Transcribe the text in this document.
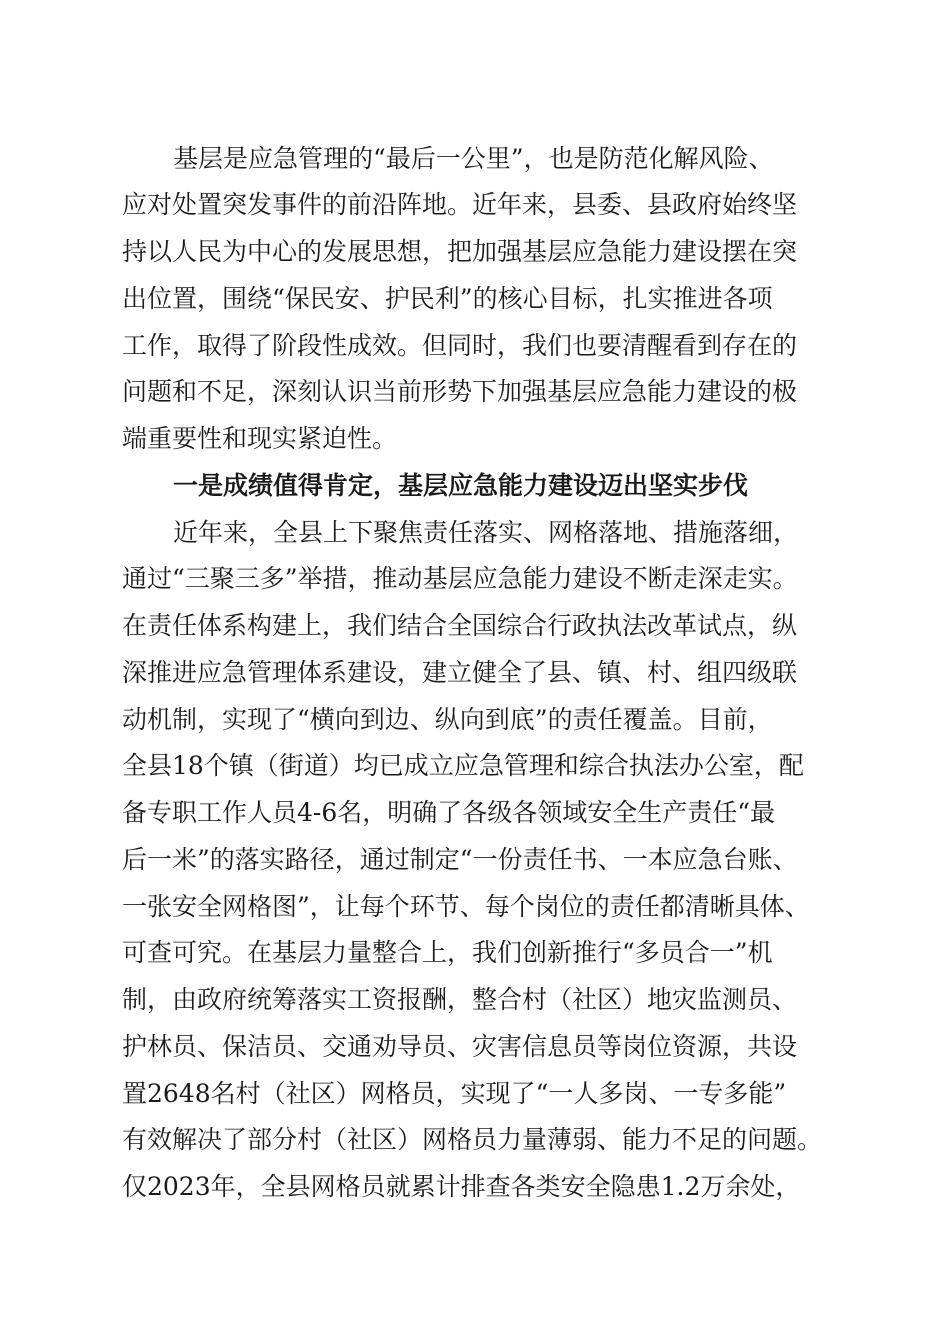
基层是应急管理的“最后一公里”，也是防范化解风险、
应对处置突发事件的前沿阵地。近年来，县委、县政府始终坚
持以人民为中心的发展思想，把加强基层应急能力建设摆在突
出位置，围绕“保民安、护民利”的核心目标，扎实推进各项
工作，取得了阶段性成效。但同时，我们也要清醒看到存在的
问题和不足，深刻认识当前形势下加强基层应急能力建设的极
端重要性和现实紧迫性。
一是成绩值得肯定，基层应急能力建设迈出坚实步伐
近年来，全县上下聚焦责任落实、网格落地、措施落细，
通过“三聚三多”举措，推动基层应急能力建设不断走深走实。
在责任体系构建上，我们结合全国综合行政执法改革试点，纵
深推进应急管理体系建设，建立健全了县、镇、村、组四级联
动机制，实现了“横向到边、纵向到底”的责任覆盖。目前，
全县18个镇（街道）均已成立应急管理和综合执法办公室，配
备专职工作人员4-6名，明确了各级各领域安全生产责任“最
后一米”的落实路径，通过制定“一份责任书、一本应急台账、
一张安全网格图”，让每个环节、每个岗位的责任都清晰具体、
可查可究。在基层力量整合上，我们创新推行“多员合一”机
制，由政府统筹落实工资报酬，整合村（社区）地灾监测员、
护林员、保洁员、交通劝导员、灾害信息员等岗位资源，共设
置2648名村（社区）网格员，实现了“一人多岗、一专多能”
有效解决了部分村（社区）网格员力量薄弱、能力不足的问题。
仅2023年，全县网格员就累计排查各类安全隐患1.2万余处，
